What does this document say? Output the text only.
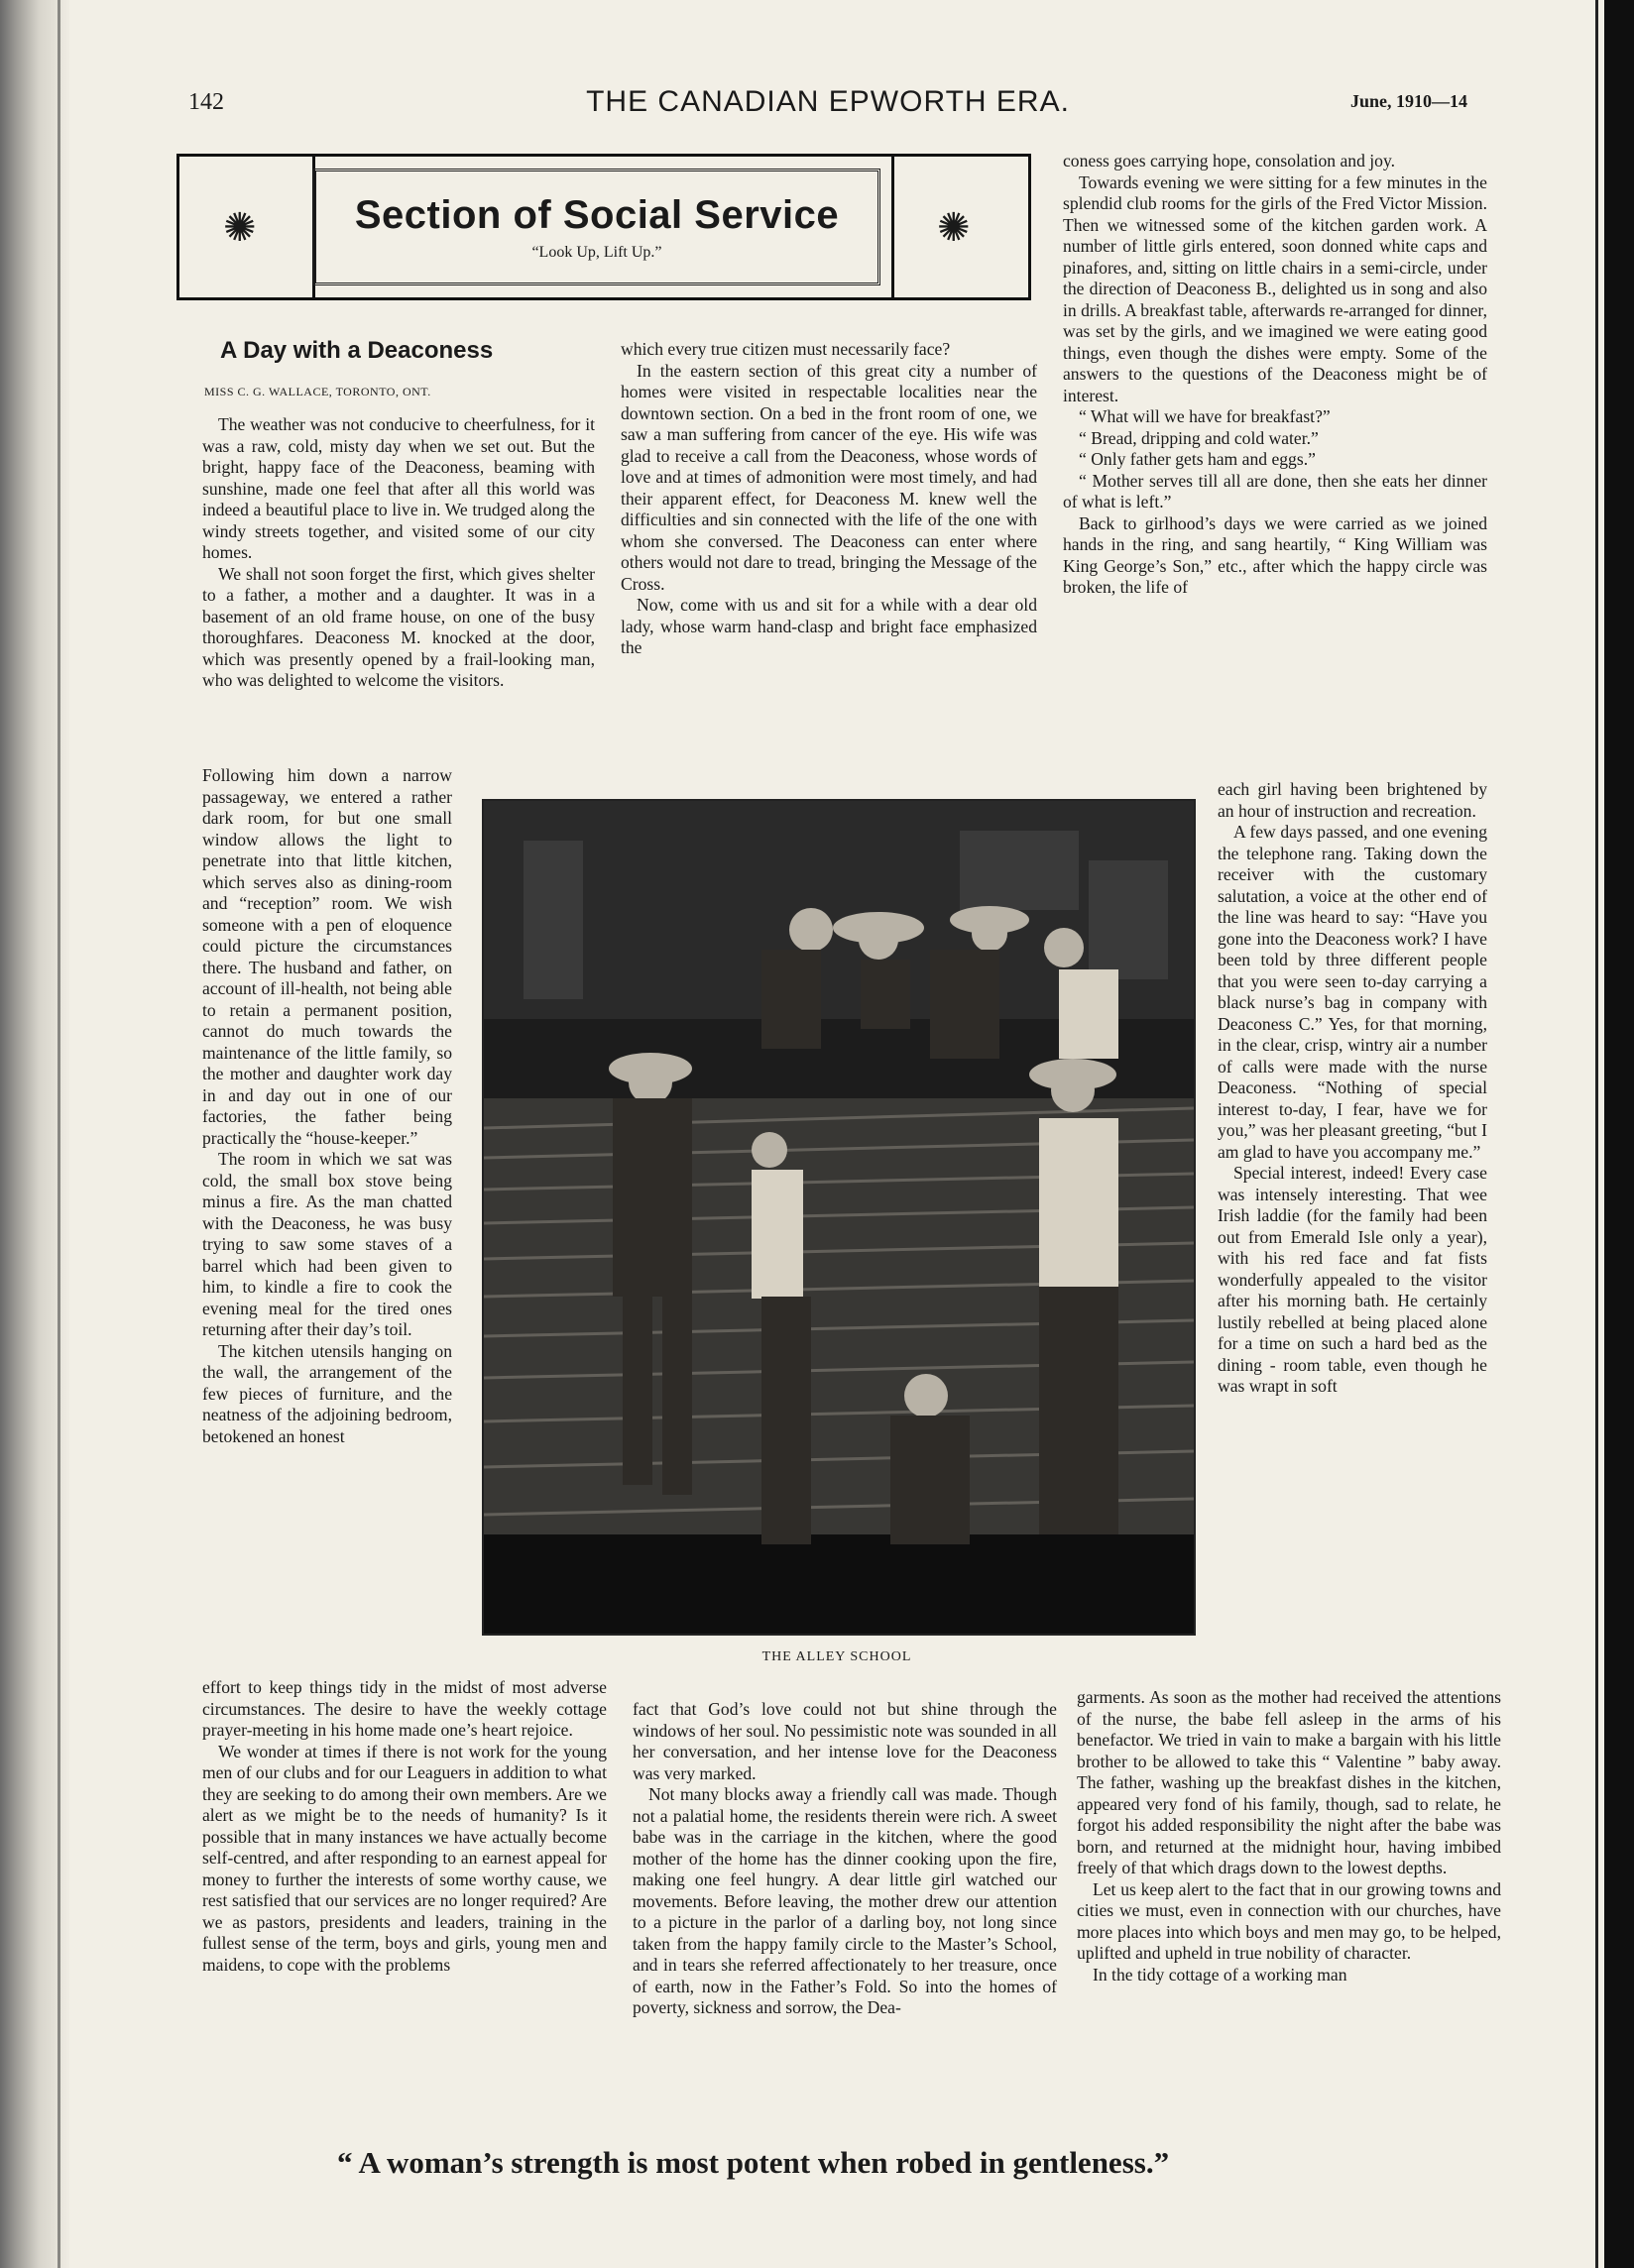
142	THE CANADIAN EPWORTH ERA.	June, 1910—14
✺	Section of Social Service
“Look Up, Lift Up.”
✺
A Day with a Deaconess
MISS C. G. WALLACE, TORONTO, ONT.

The weather was not conducive to cheerfulness, for it was a raw, cold, misty day when we set out. But the bright, happy face of the Deaconess, beaming with sunshine, made one feel that after all this world was indeed a beautiful place to live in. We trudged along the windy streets together, and visited some of our city homes.

We shall not soon forget the first, which gives shelter to a father, a mother and a daughter. It was in a basement of an old frame house, on one of the busy thoroughfares. Deaconess M. knocked at the door, which was presently opened by a frail-looking man, who was delighted to welcome the visitors.

Following him down a narrow passageway, we entered a rather dark room, for but one small window allows the light to penetrate into that little kitchen, which serves also as dining-room and “reception” room. We wish someone with a pen of eloquence could picture the circumstances there. The husband and father, on account of ill-health, not being able to retain a permanent position, cannot do much towards the maintenance of the little family, so the mother and daughter work day in and day out in one of our factories, the father being practically the “house-keeper.”

The room in which we sat was cold, the small box stove being minus a fire. As the man chatted with the Deaconess, he was busy trying to saw some staves of a barrel which had been given to him, to kindle a fire to cook the evening meal for the tired ones returning after their day’s toil.

The kitchen utensils hanging on the wall, the arrangement of the few pieces of furniture, and the neatness of the adjoining bedroom, betokened an honest

effort to keep things tidy in the midst of most adverse circumstances. The desire to have the weekly cottage prayer-meeting in his home made one’s heart rejoice.

We wonder at times if there is not work for the young men of our clubs and for our Leaguers in addition to what they are seeking to do among their own members. Are we alert as we might be to the needs of humanity? Is it possible that in many instances we have actually become self-centred, and after responding to an earnest appeal for money to further the interests of some worthy cause, we rest satisfied that our services are no longer required? Are we as pastors, presidents and leaders, training in the fullest sense of the term, boys and girls, young men and maidens, to cope with the problems

which every true citizen must necessarily face?

In the eastern section of this great city a number of homes were visited in respectable localities near the downtown section. On a bed in the front room of one, we saw a man suffering from cancer of the eye. His wife was glad to receive a call from the Deaconess, whose words of love and at times of admonition were most timely, and had their apparent effect, for Deaconess M. knew well the difficulties and sin connected with the life of the one with whom she conversed. The Deaconess can enter where others would not dare to tread, bringing the Message of the Cross.

Now, come with us and sit for a while with a dear old lady, whose warm hand-clasp and bright face emphasized the

fact that God’s love could not but shine through the windows of her soul. No pessimistic note was sounded in all her conversation, and her intense love for the Deaconess was very marked.

Not many blocks away a friendly call was made. Though not a palatial home, the residents therein were rich. A sweet babe was in the carriage in the kitchen, where the good mother of the home has the dinner cooking upon the fire, making one feel hungry. A dear little girl watched our movements. Before leaving, the mother drew our attention to a picture in the parlor of a darling boy, not long since taken from the happy family circle to the Master’s School, and in tears she referred affectionately to her treasure, once of earth, now in the Father’s Fold. So into the homes of poverty, sickness and sorrow, the Dea-

coness goes carrying hope, consolation and joy.

Towards evening we were sitting for a few minutes in the splendid club rooms for the girls of the Fred Victor Mission. Then we witnessed some of the kitchen garden work. A number of little girls entered, soon donned white caps and pinafores, and, sitting on little chairs in a semi-circle, under the direction of Deaconess B., delighted us in song and also in drills. A breakfast table, afterwards re-arranged for dinner, was set by the girls, and we imagined we were eating good things, even though the dishes were empty. Some of the answers to the questions of the Deaconess might be of interest.

“ What will we have for breakfast?”

“ Bread, dripping and cold water.”

“ Only father gets ham and eggs.”

“ Mother serves till all are done, then she eats her dinner of what is left.”

Back to girlhood’s days we were carried as we joined hands in the ring, and sang heartily, “ King William was King George’s Son,” etc., after which the happy circle was broken, the life of

each girl having been brightened by an hour of instruction and recreation.

A few days passed, and one evening the telephone rang. Taking down the receiver with the customary salutation, a voice at the other end of the line was heard to say: “Have you gone into the Deaconess work? I have been told by three different people that you were seen to-day carrying a black nurse’s bag in company with Deaconess C.” Yes, for that morning, in the clear, crisp, wintry air a number of calls were made with the nurse Deaconess. “Nothing of special interest to-day, I fear, have we for you,” was her pleasant greeting, “but I am glad to have you accompany me.”

Special interest, indeed! Every case was intensely interesting. That wee Irish laddie (for the family had been out from Emerald Isle only a year), with his red face and fat fists wonderfully appealed to the visitor after his morning bath. He certainly lustily rebelled at being placed alone for a time on such a hard bed as the dining - room table, even though he was wrapt in soft

garments. As soon as the mother had received the attentions of the nurse, the babe fell asleep in the arms of his benefactor. We tried in vain to make a bargain with his little brother to be allowed to take this “ Valentine ” baby away. The father, washing up the breakfast dishes in the kitchen, appeared very fond of his family, though, sad to relate, he forgot his added responsibility the night after the babe was born, and returned at the midnight hour, having imbibed freely of that which drags down to the lowest depths.

Let us keep alert to the fact that in our growing towns and cities we must, even in connection with our churches, have more places into which boys and men may go, to be helped, uplifted and upheld in true nobility of character.

In the tidy cottage of a working man

THE ALLEY SCHOOL
“ A woman’s strength is most potent when robed in gentleness.”
